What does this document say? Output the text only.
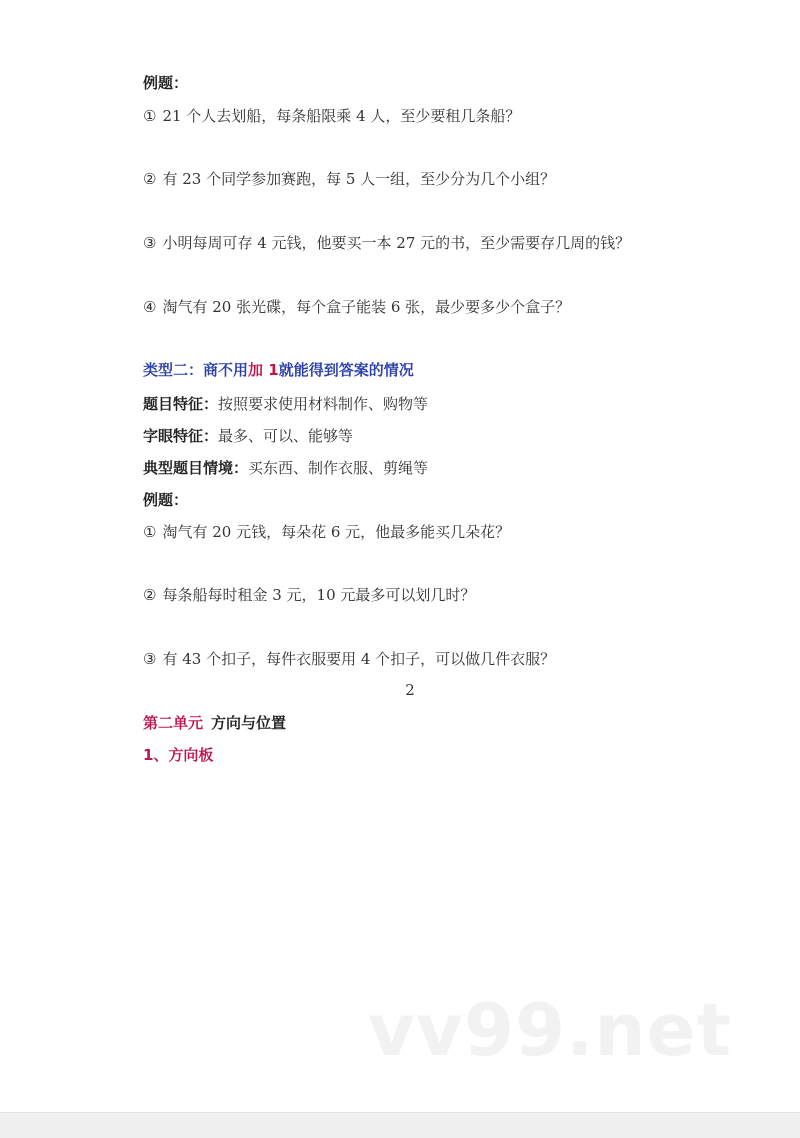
例题：
① 21 个人去划船，每条船限乘 4 人，至少要租几条船？
② 有 23 个同学参加赛跑，每 5 人一组，至少分为几个小组？
③ 小明每周可存 4 元钱，他要买一本 27 元的书，至少需要存几周的钱？
④ 淘气有 20 张光碟，每个盒子能装 6 张，最少要多少个盒子？
类型二：商不用加 1就能得到答案的情况
题目特征：按照要求使用材料制作、购物等
字眼特征：最多、可以、能够等
典型题目情境：买东西、制作衣服、剪绳等
例题：
① 淘气有 20 元钱，每朵花 6 元，他最多能买几朵花？
② 每条船每时租金 3 元，10 元最多可以划几时？
③ 有 43 个扣子，每件衣服要用 4 个扣子，可以做几件衣服？
2
第二单元 方向与位置
1、方向板
vv99.net
